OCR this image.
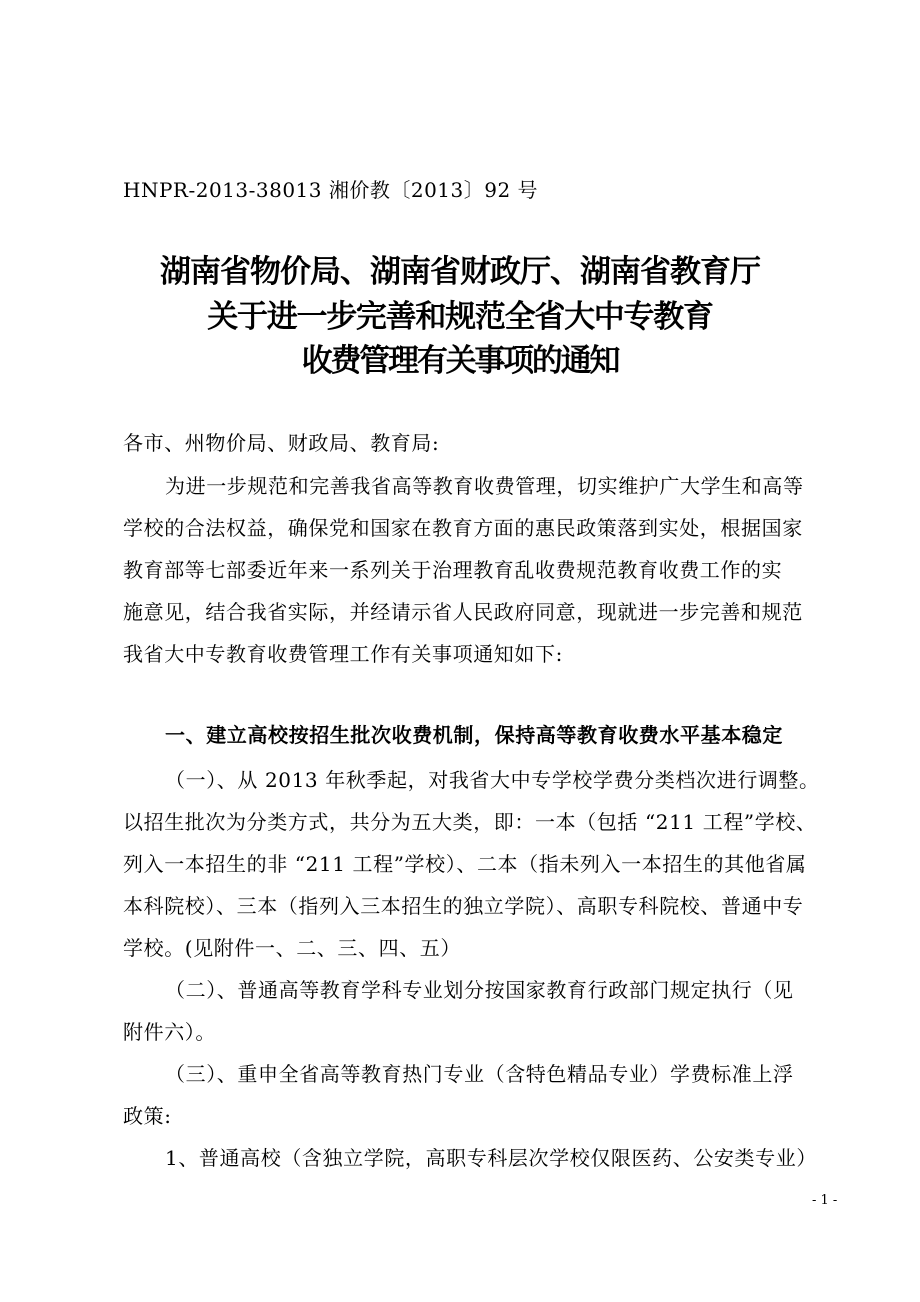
HNPR-2013-38013 湘价教〔2013〕92 号
湖南省物价局、湖南省财政厅、湖南省教育厅
关于进一步完善和规范全省大中专教育
收费管理有关事项的通知
各市、州物价局、财政局、教育局:
为进一步规范和完善我省高等教育收费管理，切实维护广大学生和高等
学校的合法权益，确保党和国家在教育方面的惠民政策落到实处，根据国家
教育部等七部委近年来一系列关于治理教育乱收费规范教育收费工作的实
施意见，结合我省实际，并经请示省人民政府同意，现就进一步完善和规范
我省大中专教育收费管理工作有关事项通知如下:
一、建立高校按招生批次收费机制，保持高等教育收费水平基本稳定
（一）、从 2013 年秋季起，对我省大中专学校学费分类档次进行调整。
以招生批次为分类方式，共分为五大类，即：一本（包括 “211 工程”学校、
列入一本招生的非 “211 工程”学校）、二本（指未列入一本招生的其他省属
本科院校）、三本（指列入三本招生的独立学院）、高职专科院校、普通中专
学校。(见附件一、二、三、四、五）
（二）、普通高等教育学科专业划分按国家教育行政部门规定执行（见
附件六）。
（三）、重申全省高等教育热门专业（含特色精品专业）学费标准上浮
政策:
1、普通高校（含独立学院，高职专科层次学校仅限医药、公安类专业）
- 1 -
